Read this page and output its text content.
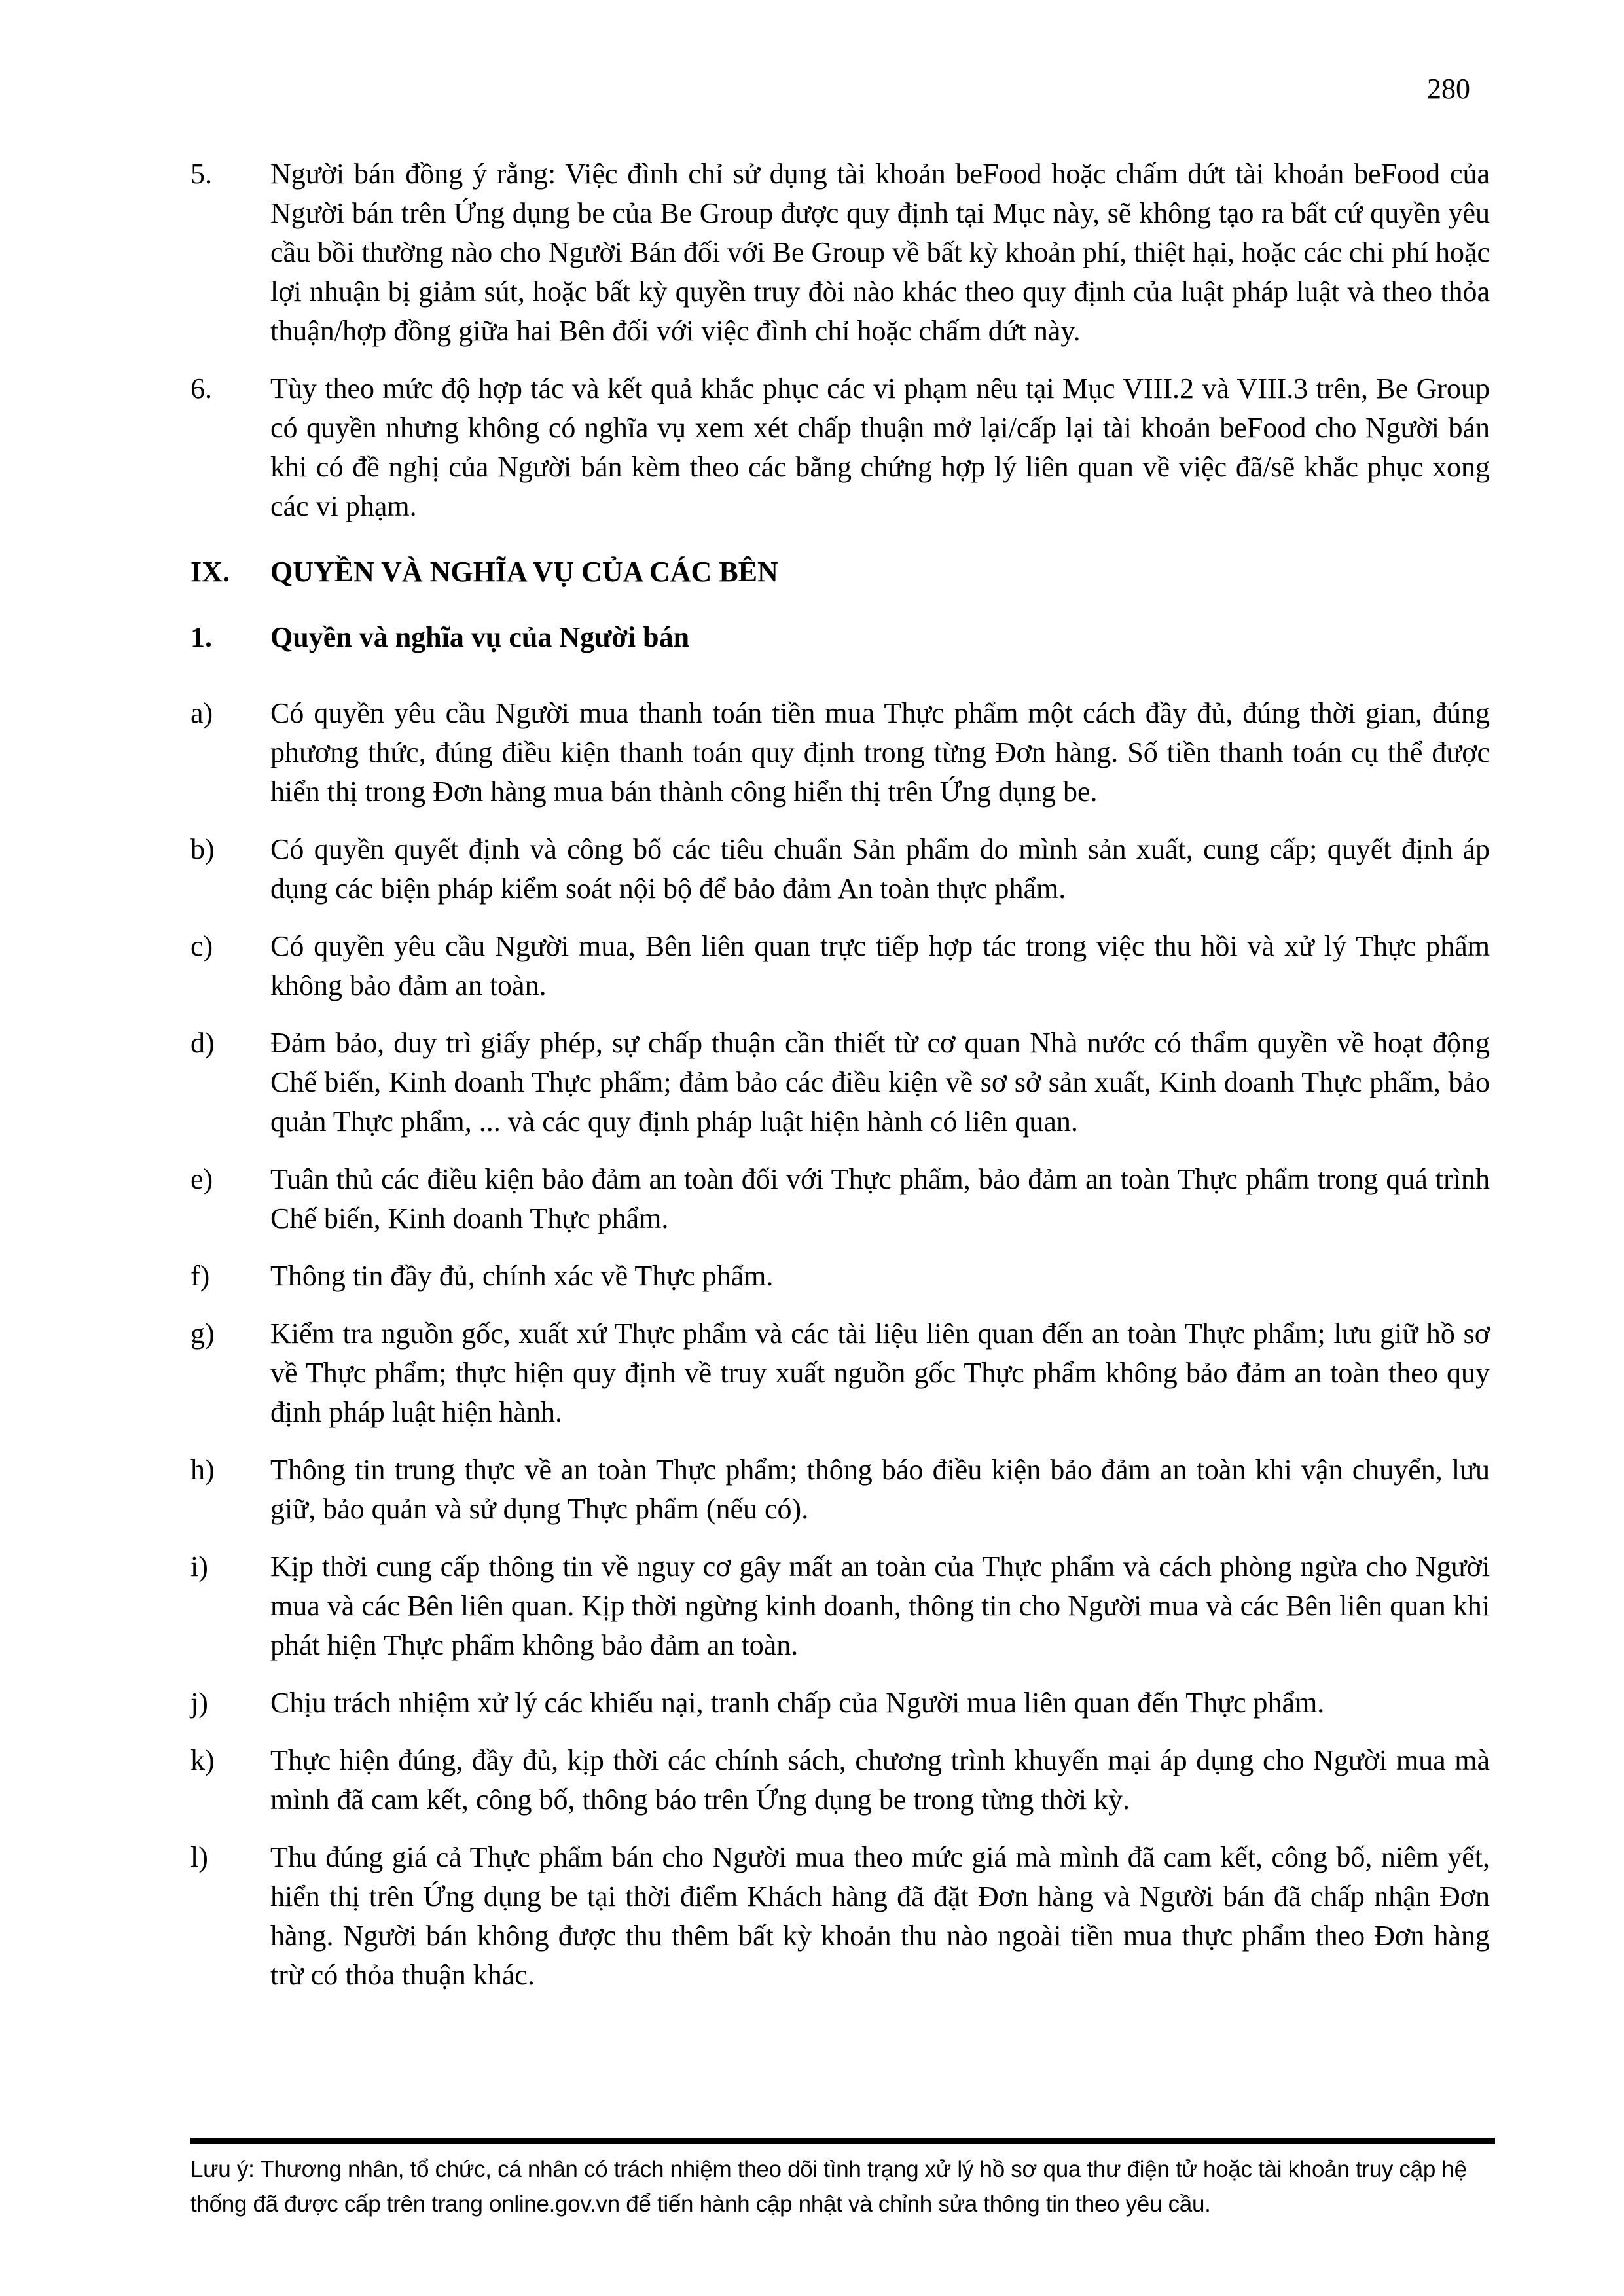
280
5. Người bán đồng ý rằng: Việc đình chỉ sử dụng tài khoản beFood hoặc chấm dứt tài khoản beFood của Người bán trên Ứng dụng be của Be Group được quy định tại Mục này, sẽ không tạo ra bất cứ quyền yêu cầu bồi thường nào cho Người Bán đối với Be Group về bất kỳ khoản phí, thiệt hại, hoặc các chi phí hoặc lợi nhuận bị giảm sút, hoặc bất kỳ quyền truy đòi nào khác theo quy định của luật pháp luật và theo thỏa thuận/hợp đồng giữa hai Bên đối với việc đình chỉ hoặc chấm dứt này.

6. Tùy theo mức độ hợp tác và kết quả khắc phục các vi phạm nêu tại Mục VIII.2 và VIII.3 trên, Be Group có quyền nhưng không có nghĩa vụ xem xét chấp thuận mở lại/cấp lại tài khoản beFood cho Người bán khi có đề nghị của Người bán kèm theo các bằng chứng hợp lý liên quan về việc đã/sẽ khắc phục xong các vi phạm.

IX. QUYỀN VÀ NGHĨA VỤ CỦA CÁC BÊN
1. Quyền và nghĩa vụ của Người bán
a) Có quyền yêu cầu Người mua thanh toán tiền mua Thực phẩm một cách đầy đủ, đúng thời gian, đúng phương thức, đúng điều kiện thanh toán quy định trong từng Đơn hàng. Số tiền thanh toán cụ thể được hiển thị trong Đơn hàng mua bán thành công hiển thị trên Ứng dụng be.

b) Có quyền quyết định và công bố các tiêu chuẩn Sản phẩm do mình sản xuất, cung cấp; quyết định áp dụng các biện pháp kiểm soát nội bộ để bảo đảm An toàn thực phẩm.

c) Có quyền yêu cầu Người mua, Bên liên quan trực tiếp hợp tác trong việc thu hồi và xử lý Thực phẩm không bảo đảm an toàn.

d) Đảm bảo, duy trì giấy phép, sự chấp thuận cần thiết từ cơ quan Nhà nước có thẩm quyền về hoạt động Chế biến, Kinh doanh Thực phẩm; đảm bảo các điều kiện về sơ sở sản xuất, Kinh doanh Thực phẩm, bảo quản Thực phẩm, ... và các quy định pháp luật hiện hành có liên quan.

e) Tuân thủ các điều kiện bảo đảm an toàn đối với Thực phẩm, bảo đảm an toàn Thực phẩm trong quá trình Chế biến, Kinh doanh Thực phẩm.

f) Thông tin đầy đủ, chính xác về Thực phẩm.

g) Kiểm tra nguồn gốc, xuất xứ Thực phẩm và các tài liệu liên quan đến an toàn Thực phẩm; lưu giữ hồ sơ về Thực phẩm; thực hiện quy định về truy xuất nguồn gốc Thực phẩm không bảo đảm an toàn theo quy định pháp luật hiện hành.

h) Thông tin trung thực về an toàn Thực phẩm; thông báo điều kiện bảo đảm an toàn khi vận chuyển, lưu giữ, bảo quản và sử dụng Thực phẩm (nếu có).

i) Kịp thời cung cấp thông tin về nguy cơ gây mất an toàn của Thực phẩm và cách phòng ngừa cho Người mua và các Bên liên quan. Kịp thời ngừng kinh doanh, thông tin cho Người mua và các Bên liên quan khi phát hiện Thực phẩm không bảo đảm an toàn.

j) Chịu trách nhiệm xử lý các khiếu nại, tranh chấp của Người mua liên quan đến Thực phẩm.

k) Thực hiện đúng, đầy đủ, kịp thời các chính sách, chương trình khuyến mại áp dụng cho Người mua mà mình đã cam kết, công bố, thông báo trên Ứng dụng be trong từng thời kỳ.

l) Thu đúng giá cả Thực phẩm bán cho Người mua theo mức giá mà mình đã cam kết, công bố, niêm yết, hiển thị trên Ứng dụng be tại thời điểm Khách hàng đã đặt Đơn hàng và Người bán đã chấp nhận Đơn hàng. Người bán không được thu thêm bất kỳ khoản thu nào ngoài tiền mua thực phẩm theo Đơn hàng trừ có thỏa thuận khác.

Lưu ý: Thương nhân, tổ chức, cá nhân có trách nhiệm theo dõi tình trạng xử lý hồ sơ qua thư điện tử hoặc tài khoản truy cập hệ thống đã được cấp trên trang online.gov.vn để tiến hành cập nhật và chỉnh sửa thông tin theo yêu cầu.
